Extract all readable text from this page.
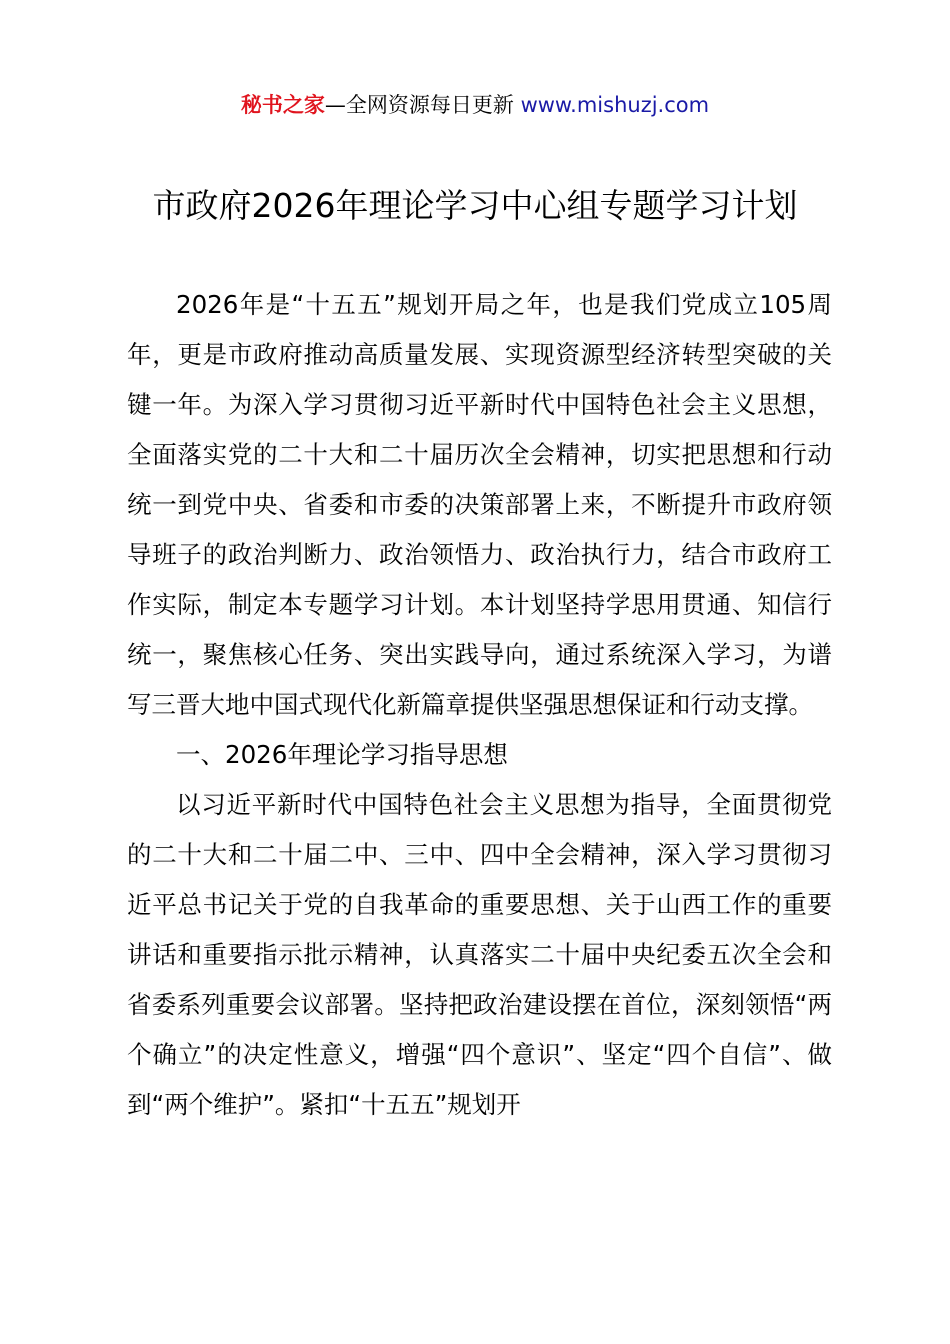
秘书之家—全网资源每日更新 www.mishuzj.com
市政府2026年理论学习中心组专题学习计划

2026年是“十五五”规划开局之年，也是我们党成立105周年，更是市政府推动高质量发展、实现资源型经济转型突破的关键一年。为深入学习贯彻习近平新时代中国特色社会主义思想，全面落实党的二十大和二十届历次全会精神，切实把思想和行动统一到党中央、省委和市委的决策部署上来，不断提升市政府领导班子的政治判断力、政治领悟力、政治执行力，结合市政府工作实际，制定本专题学习计划。本计划坚持学思用贯通、知信行统一，聚焦核心任务、突出实践导向，通过系统深入学习，为谱写三晋大地中国式现代化新篇章提供坚强思想保证和行动支撑。

一、2026年理论学习指导思想

以习近平新时代中国特色社会主义思想为指导，全面贯彻党的二十大和二十届二中、三中、四中全会精神，深入学习贯彻习近平总书记关于党的自我革命的重要思想、关于山西工作的重要讲话和重要指示批示精神，认真落实二十届中央纪委五次全会和省委系列重要会议部署。坚持把政治建设摆在首位，深刻领悟“两个确立”的决定性意义，增强“四个意识”、坚定“四个自信”、做到“两个维护”。紧扣“十五五”规划开
